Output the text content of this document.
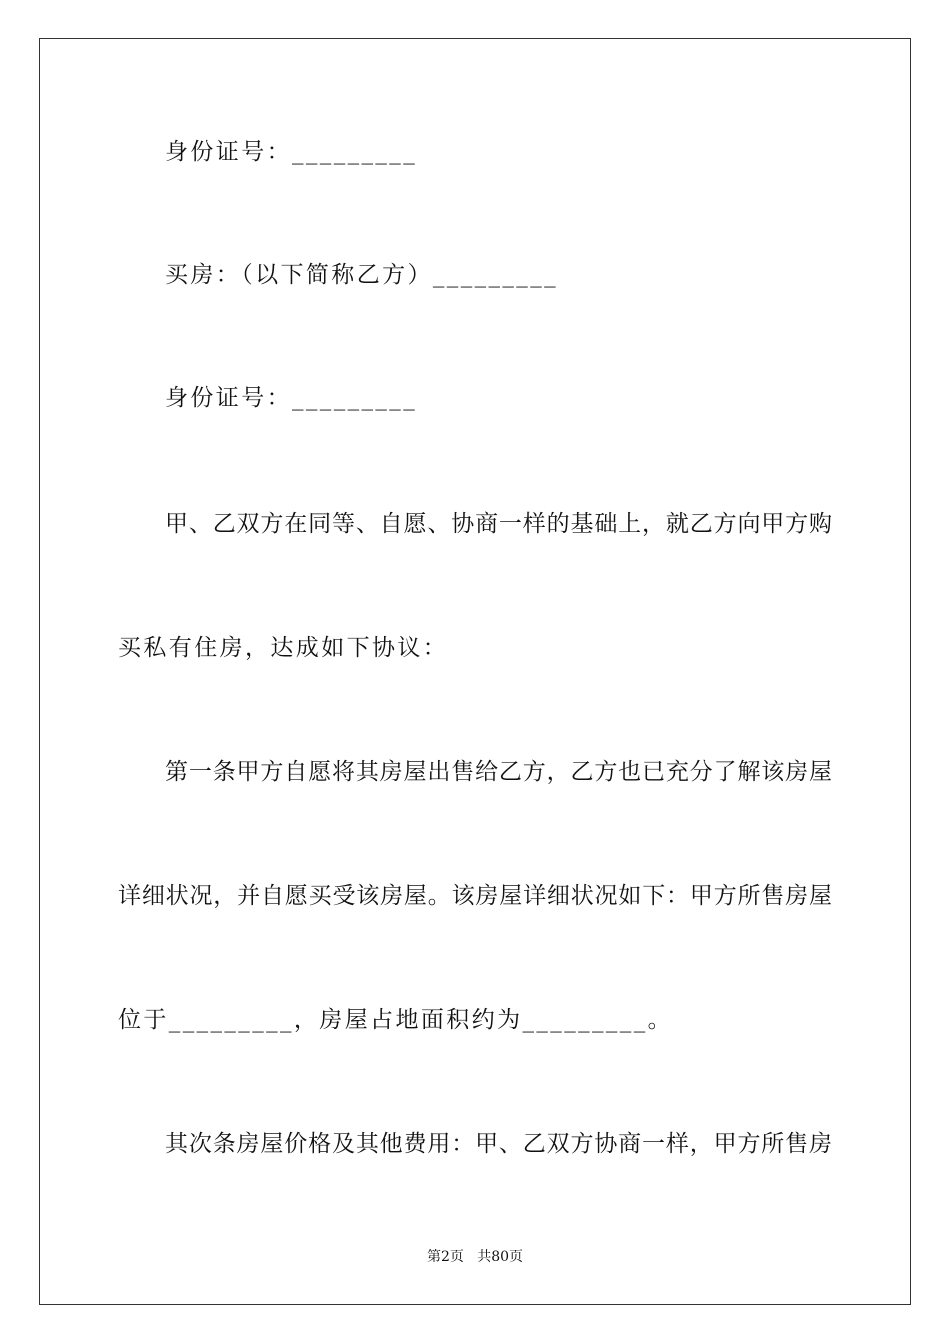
身份证号：_________
买房：（以下简称乙方）_________
身份证号：_________
甲、乙双方在同等、自愿、协商一样的基础上，就乙方向甲方购
买私有住房，达成如下协议：
第一条甲方自愿将其房屋出售给乙方，乙方也已充分了解该房屋
详细状况，并自愿买受该房屋。该房屋详细状况如下：甲方所售房屋
位于_________，房屋占地面积约为_________。
其次条房屋价格及其他费用：甲、乙双方协商一样，甲方所售房
第2页   共80页
